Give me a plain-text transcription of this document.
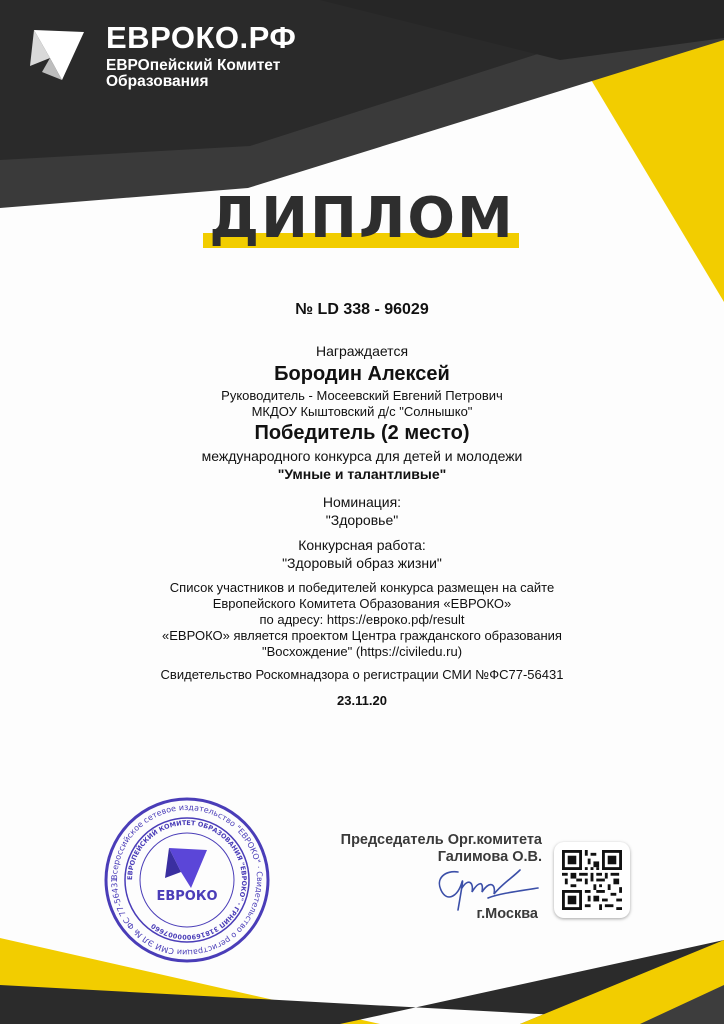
ЕВРОКО.РФ
ЕВРОпейский Комитет Образования
ДИПЛОМ
№ LD 338 - 96029
Награждается
Бородин Алексей
Руководитель - Мосеевский Евгений Петрович
МКДОУ Кыштовский д/с "Солнышко"
Победитель (2 место)
международного конкурса для детей и молодежи
"Умные и талантливые"
Номинация:
"Здоровье"
Конкурсная работа:
"Здоровый образ жизни"
Список участников и победителей конкурса размещен на сайте
Европейского Комитета Образования «ЕВРОКО»
по адресу: https://евроко.рф/result
«ЕВРОКО» является проектом Центра гражданского образования
"Восхождение" (https://civiledu.ru)
Свидетельство Роскомнадзора о регистрации СМИ №ФС77-56431
23.11.20
Всероссийское сетевое издательство "ЕВРОКО" · Свидетельство о регистрации СМИ ЭЛ № ФС 77-56431	ЕВРОПЕЙСКИЙ КОМИТЕТ ОБРАЗОВАНИЯ "ЕВРОКО" · ГРНИП 318169000007660
ЕВРОКО
Председатель Орг.комитета
Галимова О.В.
г.Москва
